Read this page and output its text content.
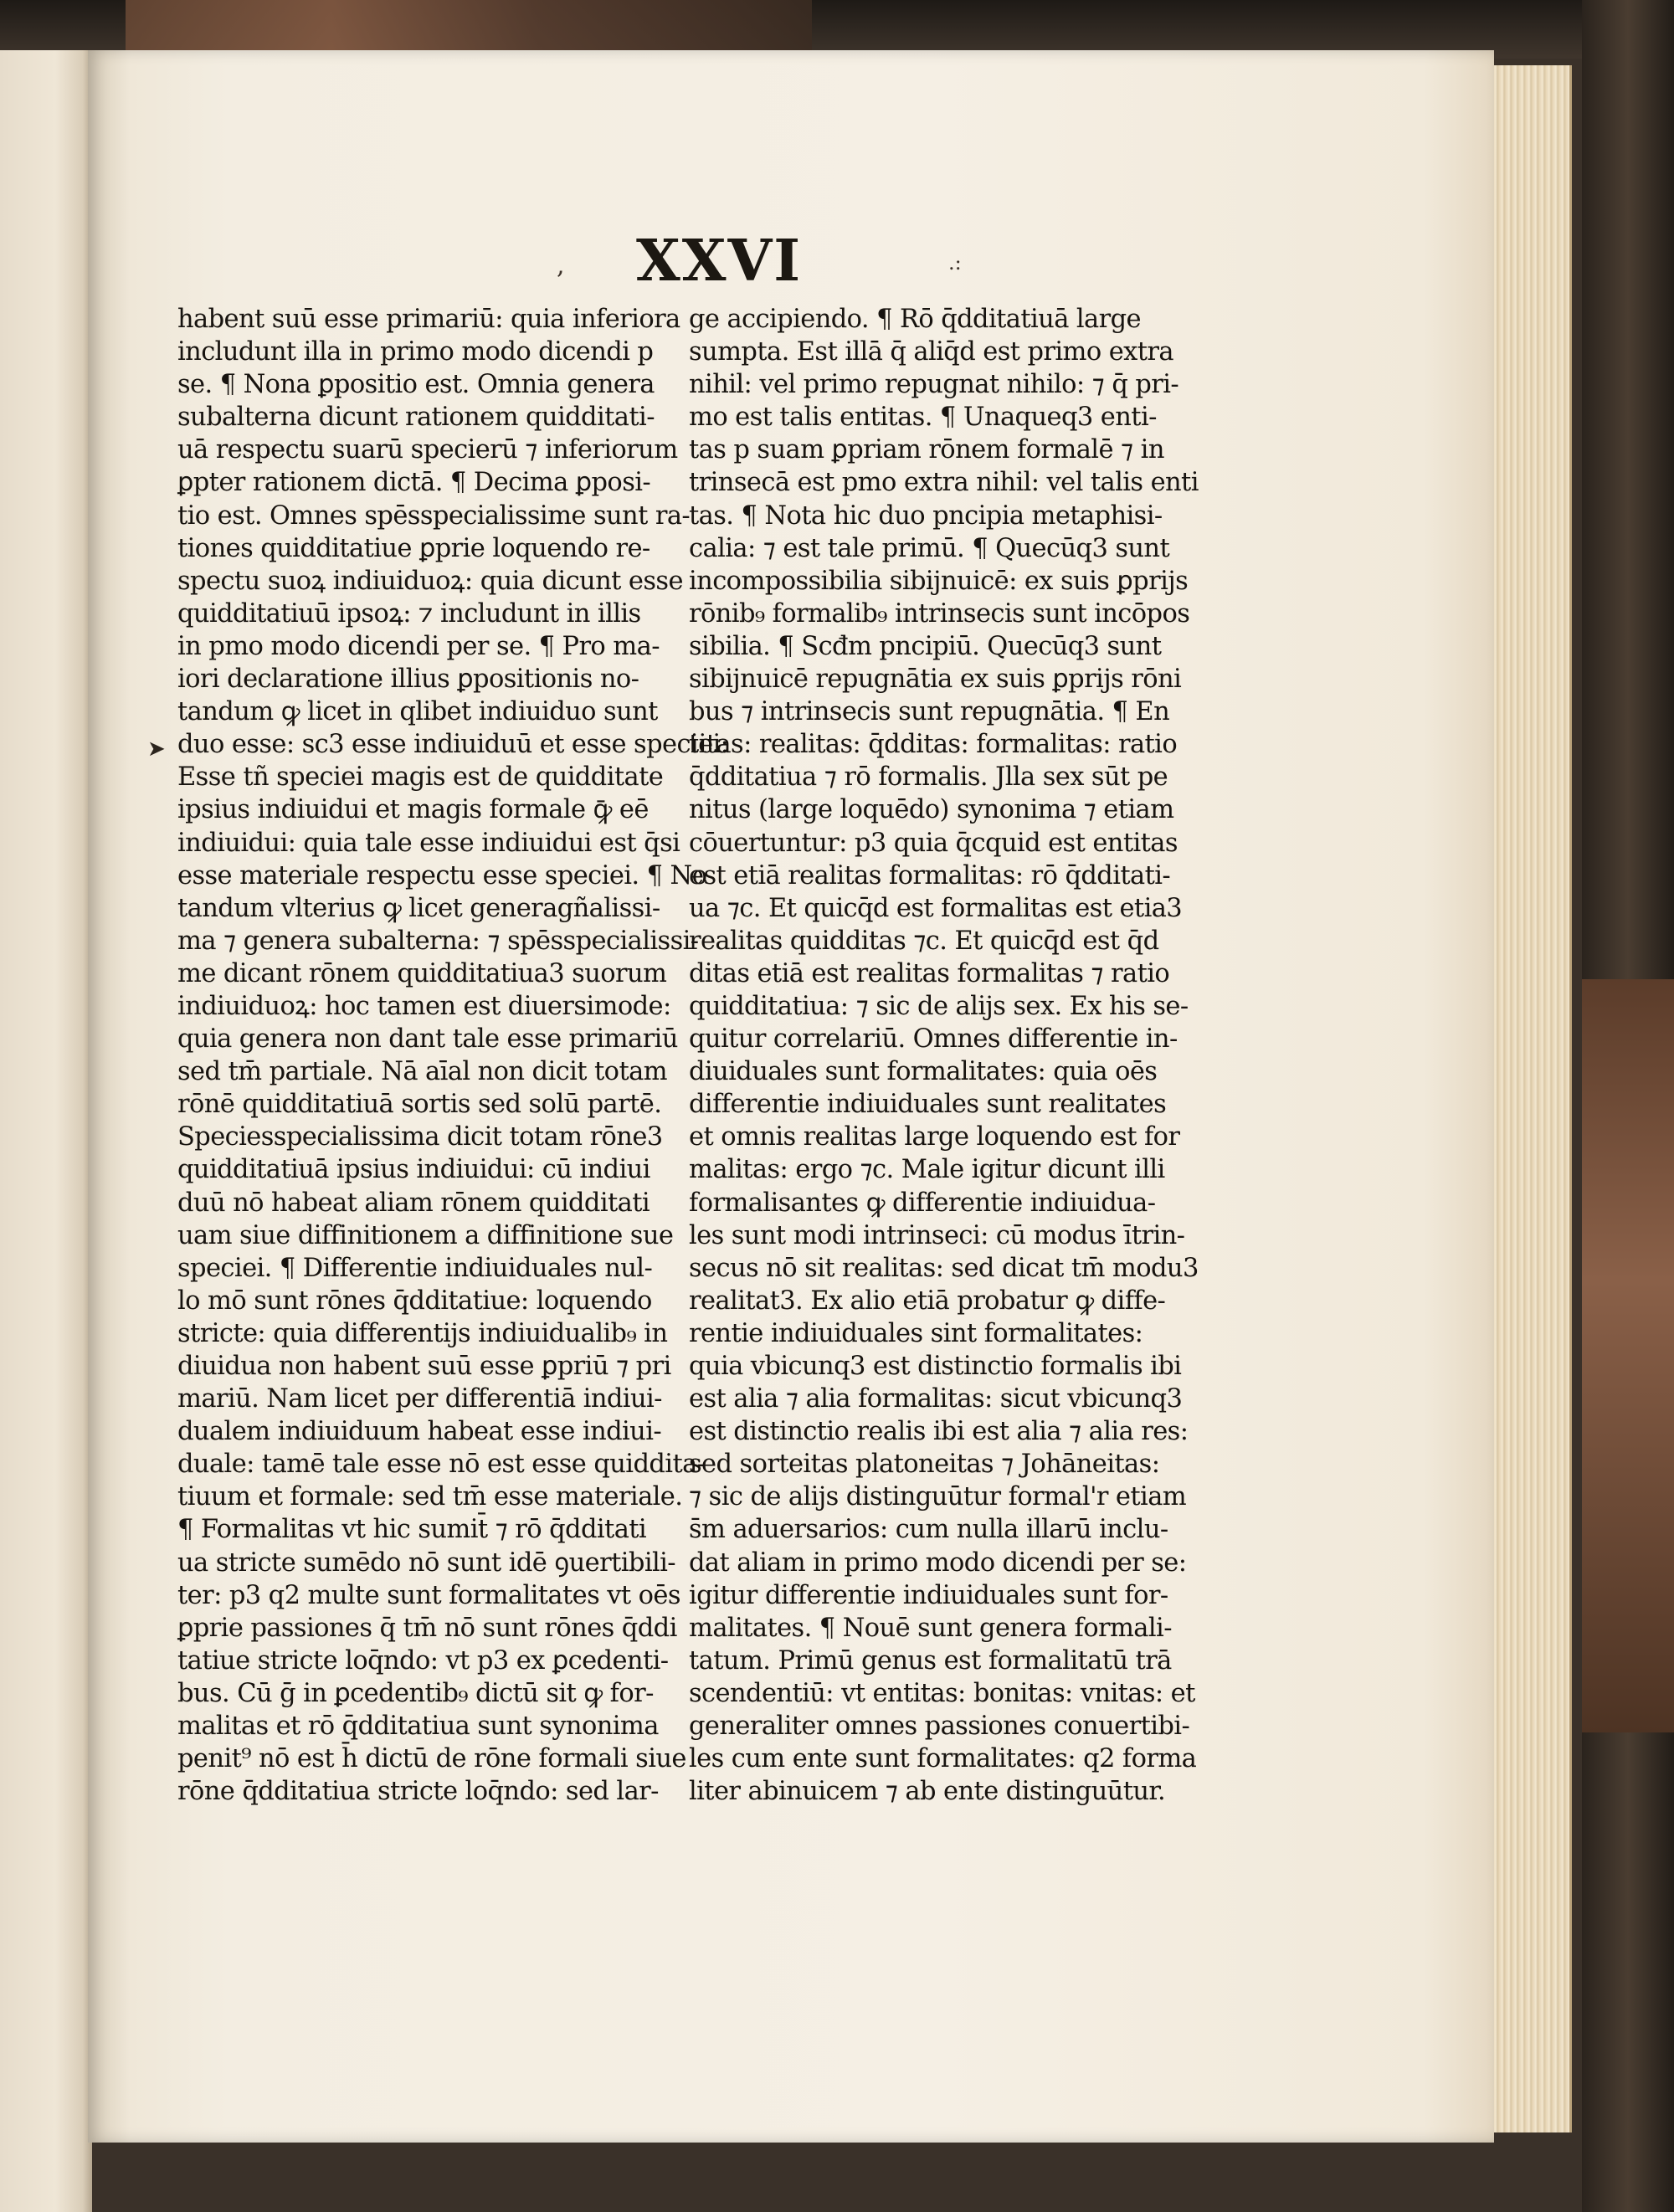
, XXVI	.:
➤
habent suū esse primariū: quia inferiora
includunt illa in primo modo dicendi p
se. ¶ Nona ꝑpositio est. Omnia genera
subalterna dicunt rationem quidditati-
uā respectu suarū specierū ⁊ inferiorum
ꝑpter rationem dictā. ¶ Decima ꝑposi-
tio est. Omnes spēsspecialissime sunt ra-
tiones quidditatiue ꝑprie loquendo re-
spectu suoꝝ indiuiduoꝝ: quia dicunt esse
quidditatiuū ipsoꝝ: ⁊ includunt in illis
in pmo modo dicendi per se. ¶ Pro ma-
iori declaratione illius ꝑpositionis no-
tandum ꝙ licet in qlibet indiuiduo sunt
duo esse: sc3 esse indiuiduū et esse speciei:
Esse tñ speciei magis est de quidditate
ipsius indiuidui et magis formale ꝙ̄ eē
indiuidui: quia tale esse indiuidui est q̄si
esse materiale respectu esse speciei. ¶ No
tandum vlterius ꝙ licet generagñalissi-
ma ⁊ genera subalterna: ⁊ spēsspecialissi-
me dicant rōnem quidditatiua3 suorum
indiuiduoꝝ: hoc tamen est diuersimode:
quia genera non dant tale esse primariū
sed tm̄ partiale. Nā aīal non dicit totam
rōnē quidditatiuā sortis sed solū partē.
Speciesspecialissima dicit totam rōne3
quidditatiuā ipsius indiuidui: cū indiui
duū nō habeat aliam rōnem quidditati
uam siue diffinitionem a diffinitione sue
speciei. ¶ Differentie indiuiduales nul-
lo mō sunt rōnes q̄dditatiue: loquendo
stricte: quia differentijs indiuidualib₉ in
diuidua non habent suū esse ꝑpriū ⁊ pri
mariū. Nam licet per differentiā indiui-
dualem indiuiduum habeat esse indiui-
duale: tamē tale esse nō est esse quiddita-
tiuum et formale: sed tm̄ esse materiale.
¶ Formalitas vt hic sumit̄ ⁊ rō q̄dditati
ua stricte sumēdo nō sunt idē ꝯuertibili-
ter: p3 q2 multe sunt formalitates vt oēs
ꝑprie passiones q̄ tm̄ nō sunt rōnes q̄ddi
tatiue stricte loq̄ndo: vt p3 ex ꝑcedenti-
bus. Cū ḡ in ꝑcedentib₉ dictū sit ꝙ for-
malitas et rō q̄dditatiua sunt synonima
penit⁹ nō est h̄ dictū de rōne formali siue
rōne q̄dditatiua stricte loq̄ndo: sed lar-
ge accipiendo. ¶ Rō q̄dditatiuā large
sumpta. Est illā q̄ aliq̄d est primo extra
nihil: vel primo repugnat nihilo: ⁊ q̄ pri-
mo est talis entitas. ¶ Unaqueq3 enti-
tas p suam ꝑpriam rōnem formalē ⁊ in
trinsecā est pmo extra nihil: vel talis enti
tas. ¶ Nota hic duo pncipia metaphisi-
calia: ⁊ est tale primū. ¶ Quecūq3 sunt
incompossibilia sibijnuicē: ex suis ꝑprijs
rōnib₉ formalib₉ intrinsecis sunt incōpos
sibilia. ¶ Scđm pncipiū. Quecūq3 sunt
sibijnuicē repugnātia ex suis ꝑprijs rōni
bus ⁊ intrinsecis sunt repugnātia. ¶ En
titas: realitas: q̄dditas: formalitas: ratio
q̄dditatiua ⁊ rō formalis. Jlla sex sūt pe
nitus (large loquēdo) synonima ⁊ etiam
cōuertuntur: p3 quia q̄cquid est entitas
est etiā realitas formalitas: rō q̄dditati-
ua ⁊c. Et quicq̄d est formalitas est etia3
realitas quidditas ⁊c. Et quicq̄d est q̄d
ditas etiā est realitas formalitas ⁊ ratio
quidditatiua: ⁊ sic de alijs sex. Ex his se-
quitur correlariū. Omnes differentie in-
diuiduales sunt formalitates: quia oēs
differentie indiuiduales sunt realitates
et omnis realitas large loquendo est for
malitas: ergo ⁊c. Male igitur dicunt illi
formalisantes ꝙ differentie indiuidua-
les sunt modi intrinseci: cū modus ītrin-
secus nō sit realitas: sed dicat tm̄ modu3
realitat3. Ex alio etiā probatur ꝙ diffe-
rentie indiuiduales sint formalitates:
quia vbicunq3 est distinctio formalis ibi
est alia ⁊ alia formalitas: sicut vbicunq3
est distinctio realis ibi est alia ⁊ alia res:
sed sorteitas platoneitas ⁊ Johāneitas:
⁊ sic de alijs distinguūtur formal'r etiam
s̄m aduersarios: cum nulla illarū inclu-
dat aliam in primo modo dicendi per se:
igitur differentie indiuiduales sunt for-
malitates. ¶ Nouē sunt genera formali-
tatum. Primū genus est formalitatū trā
scendentiū: vt entitas: bonitas: vnitas: et
generaliter omnes passiones conuertibi-
les cum ente sunt formalitates: q2 forma
liter abinuicem ⁊ ab ente distinguūtur.
